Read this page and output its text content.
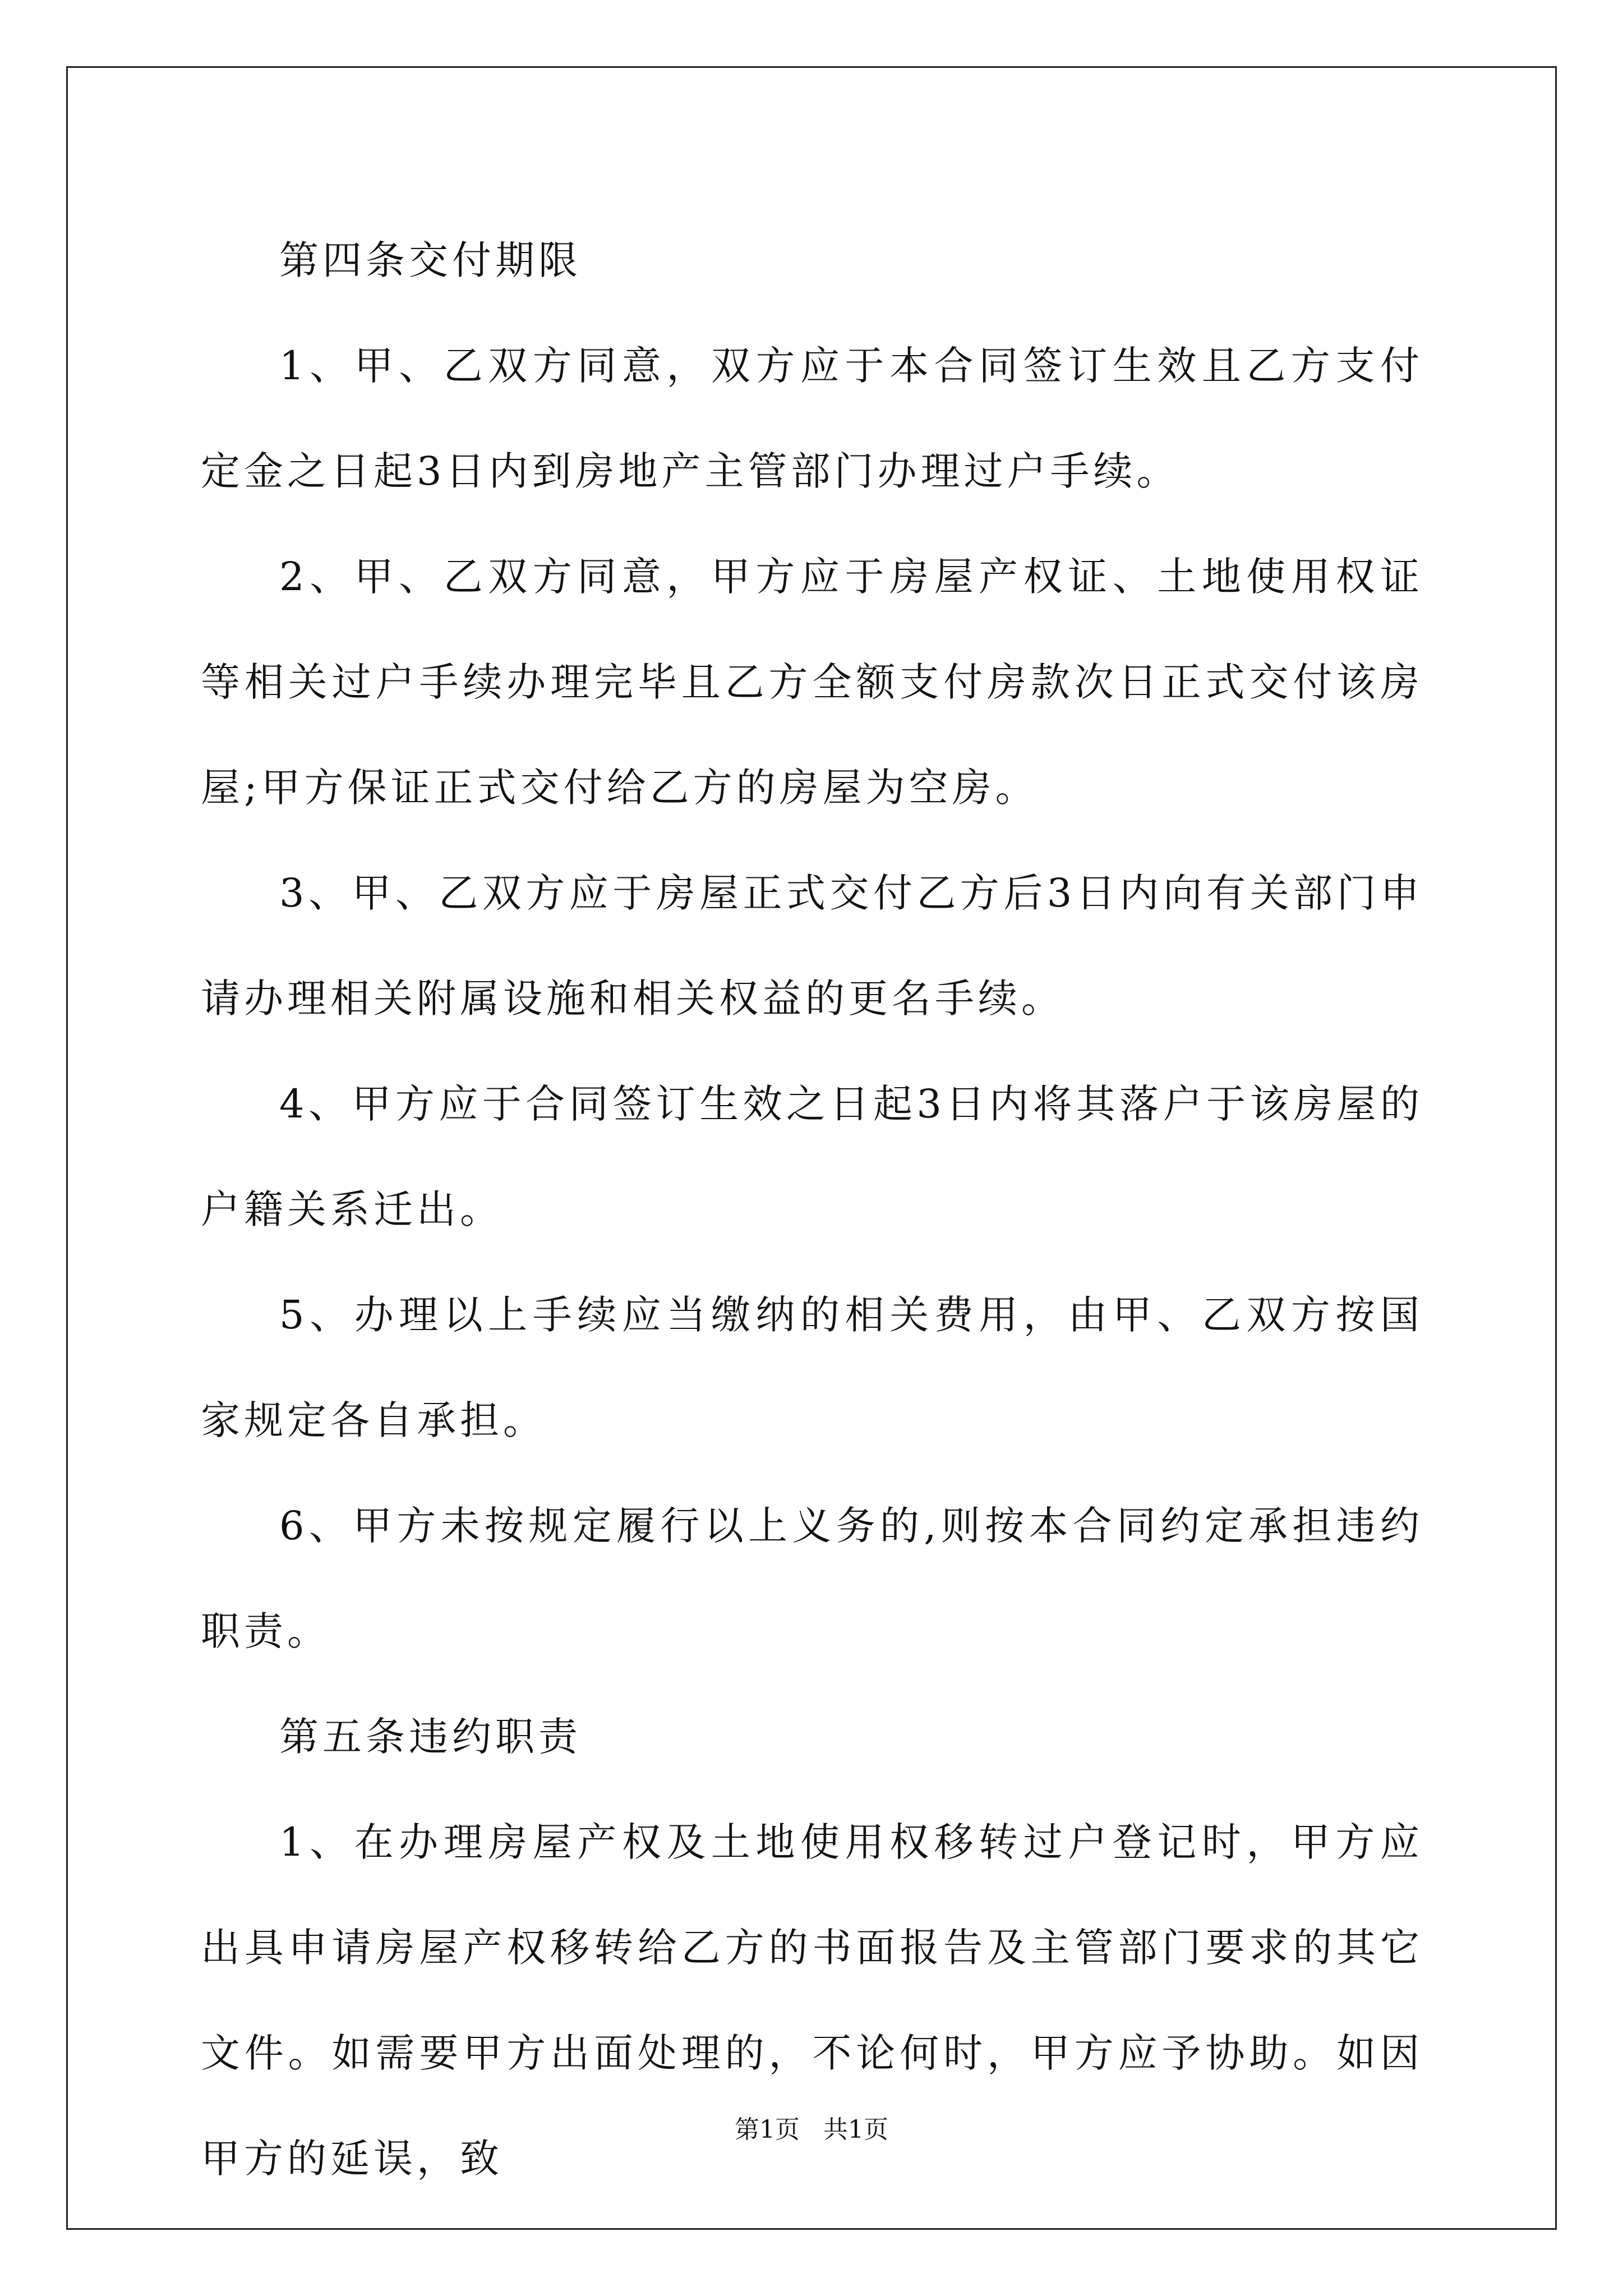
第四条交付期限

1、甲、乙双方同意，双方应于本合同签订生效且乙方支付定金之日起3日内到房地产主管部门办理过户手续。

2、甲、乙双方同意，甲方应于房屋产权证、土地使用权证等相关过户手续办理完毕且乙方全额支付房款次日正式交付该房屋;甲方保证正式交付给乙方的房屋为空房。

3、甲、乙双方应于房屋正式交付乙方后3日内向有关部门申请办理相关附属设施和相关权益的更名手续。

4、甲方应于合同签订生效之日起3日内将其落户于该房屋的户籍关系迁出。

5、办理以上手续应当缴纳的相关费用，由甲、乙双方按国家规定各自承担。

6、甲方未按规定履行以上义务的,则按本合同约定承担违约职责。

第五条违约职责

1、在办理房屋产权及土地使用权移转过户登记时，甲方应出具申请房屋产权移转给乙方的书面报告及主管部门要求的其它文件。如需要甲方出面处理的，不论何时，甲方应予协助。如因甲方的延误，致

第1页   共1页
